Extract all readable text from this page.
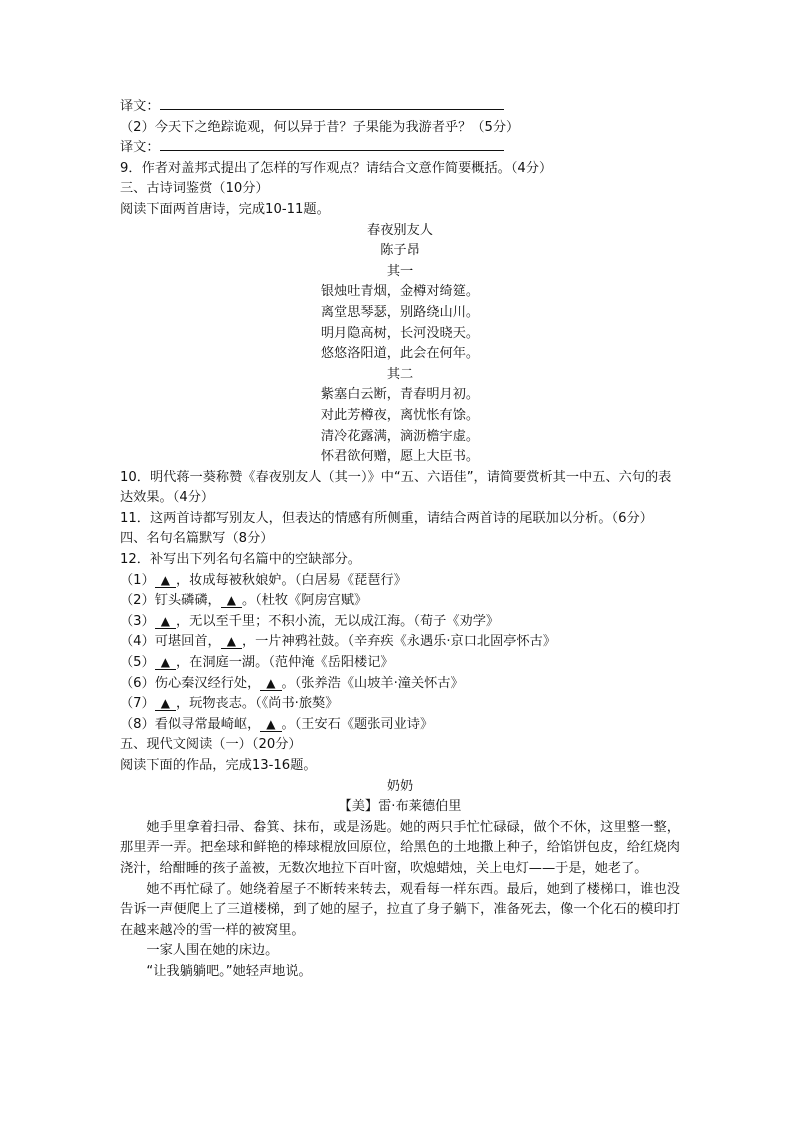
译文：
（2）今天下之绝踪诡观，何以异于昔？子果能为我游者乎？（5分）
译文：
9．作者对盖邦式提出了怎样的写作观点？请结合文意作简要概括。（4分）
三、古诗词鉴赏（10分）
阅读下面两首唐诗，完成10-11题。
春夜别友人
陈子昂
其一
银烛吐青烟，金樽对绮筵。
离堂思琴瑟，别路绕山川。
明月隐高树，长河没晓天。
悠悠洛阳道，此会在何年。
其二
紫塞白云断，青春明月初。
对此芳樽夜，离忧怅有馀。
清冷花露满，滴沥檐宇虚。
怀君欲何赠，愿上大臣书。
10．明代蒋一葵称赞《春夜别友人（其一）》中“五、六语佳”，请简要赏析其一中五、六句的表达效果。（4分）
11．这两首诗都写别友人，但表达的情感有所侧重，请结合两首诗的尾联加以分析。（6分）
四、名句名篇默写（8分）
12．补写出下列名句名篇中的空缺部分。
（1） ▲ ，妆成每被秋娘妒。（白居易《琵琶行》
（2）钉头磷磷， ▲ 。（杜牧《阿房宫赋》
（3） ▲ ，无以至千里；不积小流，无以成江海。（荀子《劝学》
（4）可堪回首， ▲ ，一片神鸦社鼓。（辛弃疾《永遇乐·京口北固亭怀古》
（5） ▲ ，在洞庭一湖。（范仲淹《岳阳楼记》
（6）伤心秦汉经行处， ▲ 。（张养浩《山坡羊·潼关怀古》
（7） ▲ ，玩物丧志。（《尚书·旅獒》
（8）看似寻常最崎岖， ▲ 。（王安石《题张司业诗》
五、现代文阅读（一）（20分）
阅读下面的作品，完成13-16题。
奶奶
【美】雷·布莱德伯里
她手里拿着扫帚、畚箕、抹布，或是汤匙。她的两只手忙忙碌碌，做个不休，这里整一整，那里弄一弄。把垒球和鲜艳的棒球棍放回原位，给黑色的土地撒上种子，给馅饼包皮，给红烧肉浇汁，给酣睡的孩子盖被，无数次地拉下百叶窗，吹熄蜡烛，关上电灯——于是，她老了。
她不再忙碌了。她绕着屋子不断转来转去，观看每一样东西。最后，她到了楼梯口，谁也没告诉一声便爬上了三道楼梯，到了她的屋子，拉直了身子躺下，准备死去，像一个化石的模印打在越来越冷的雪一样的被窝里。
一家人围在她的床边。
“让我躺躺吧。”她轻声地说。
